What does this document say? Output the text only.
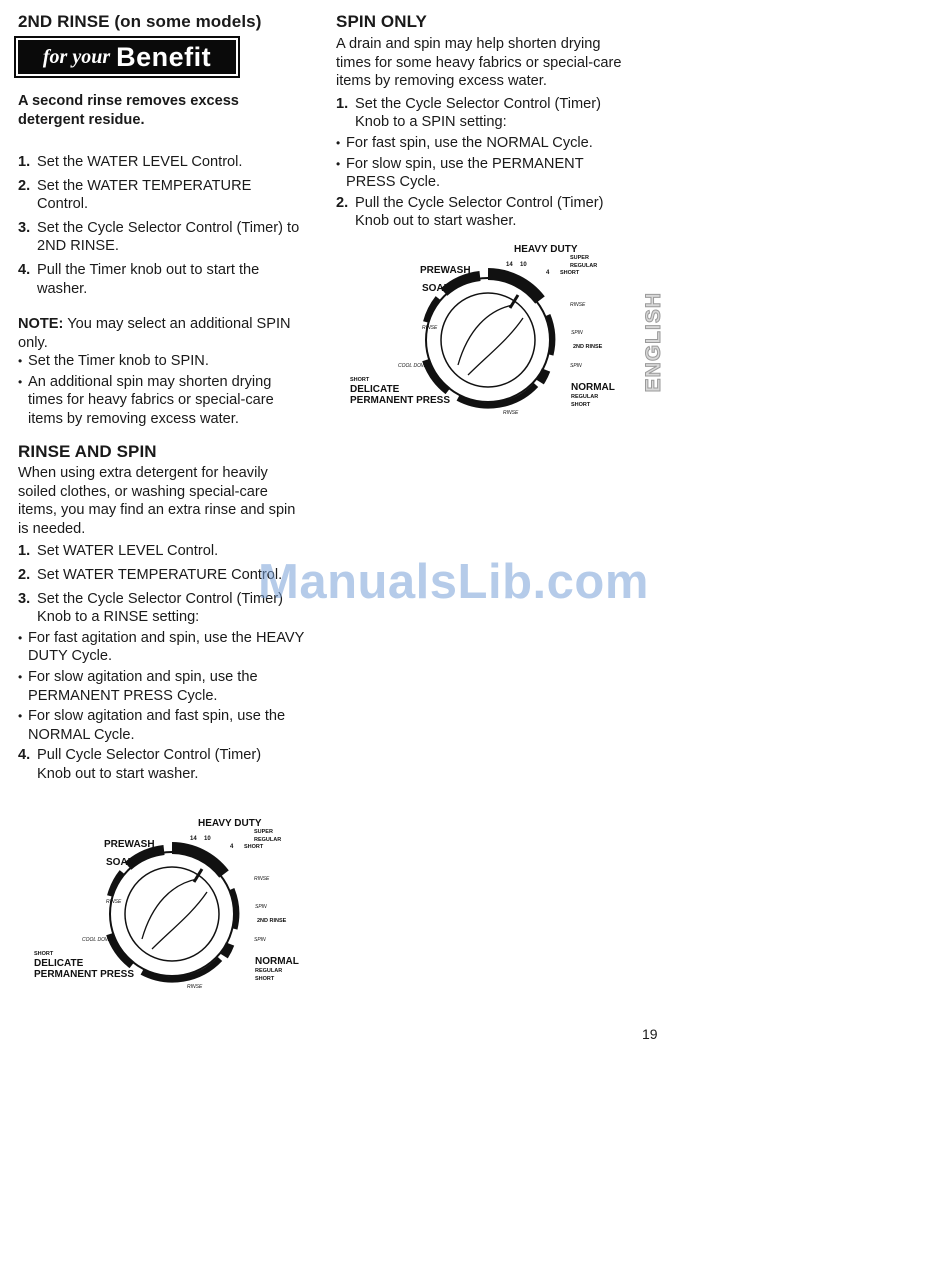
2ND RINSE (on some models)
for your Benefit
A second rinse removes excess detergent residue.
1. Set the WATER LEVEL Control.
2. Set the WATER TEMPERATURE Control.
3. Set the Cycle Selector Control (Timer) to 2ND RINSE.
4. Pull the Timer knob out to start the washer.

NOTE: You may select an additional SPIN only.

• Set the Timer knob to SPIN.
• An additional spin may shorten drying times for heavy fabrics or special-care items by removing excess water.
RINSE AND SPIN

When using extra detergent for heavily soiled clothes, or washing special-care items, you may find an extra rinse and spin is needed.

1. Set WATER LEVEL Control.
2. Set WATER TEMPERATURE Control.
3. Set the Cycle Selector Control (Timer) Knob to a RINSE setting:
• For fast agitation and spin, use the HEAVY DUTY Cycle.
• For slow agitation and spin, use the PERMANENT PRESS Cycle.
• For slow agitation and fast spin, use the NORMAL Cycle.
4. Pull Cycle Selector Control (Timer) Knob out to start washer.
SPIN ONLY

A drain and spin may help shorten drying times for some heavy fabrics or special-care items by removing excess water.

1. Set the Cycle Selector Control (Timer) Knob to a SPIN setting:
• For fast spin, use the NORMAL Cycle.
• For slow spin, use the PERMANENT PRESS Cycle.
2. Pull the Cycle Selector Control (Timer) Knob out to start washer.
HEAVY DUTY
SUPER
14 10	REGULAR
4 SHORT
PREWASH
SOAK
RINSE
RINSE
SPIN
2ND RINSE
SPIN
COOL DOWN
SHORT
DELICATE
PERMANENT PRESS
NORMAL
REGULAR
SHORT
RINSE
HEAVY DUTY
SUPER
14 10	REGULAR
4 SHORT
PREWASH
SOAK
RINSE
RINSE
SPIN
2ND RINSE
SPIN
COOL DOWN
SHORT
DELICATE
PERMANENT PRESS
NORMAL
REGULAR
SHORT
RINSE
ENGLISH
ManualsLib.com
19
